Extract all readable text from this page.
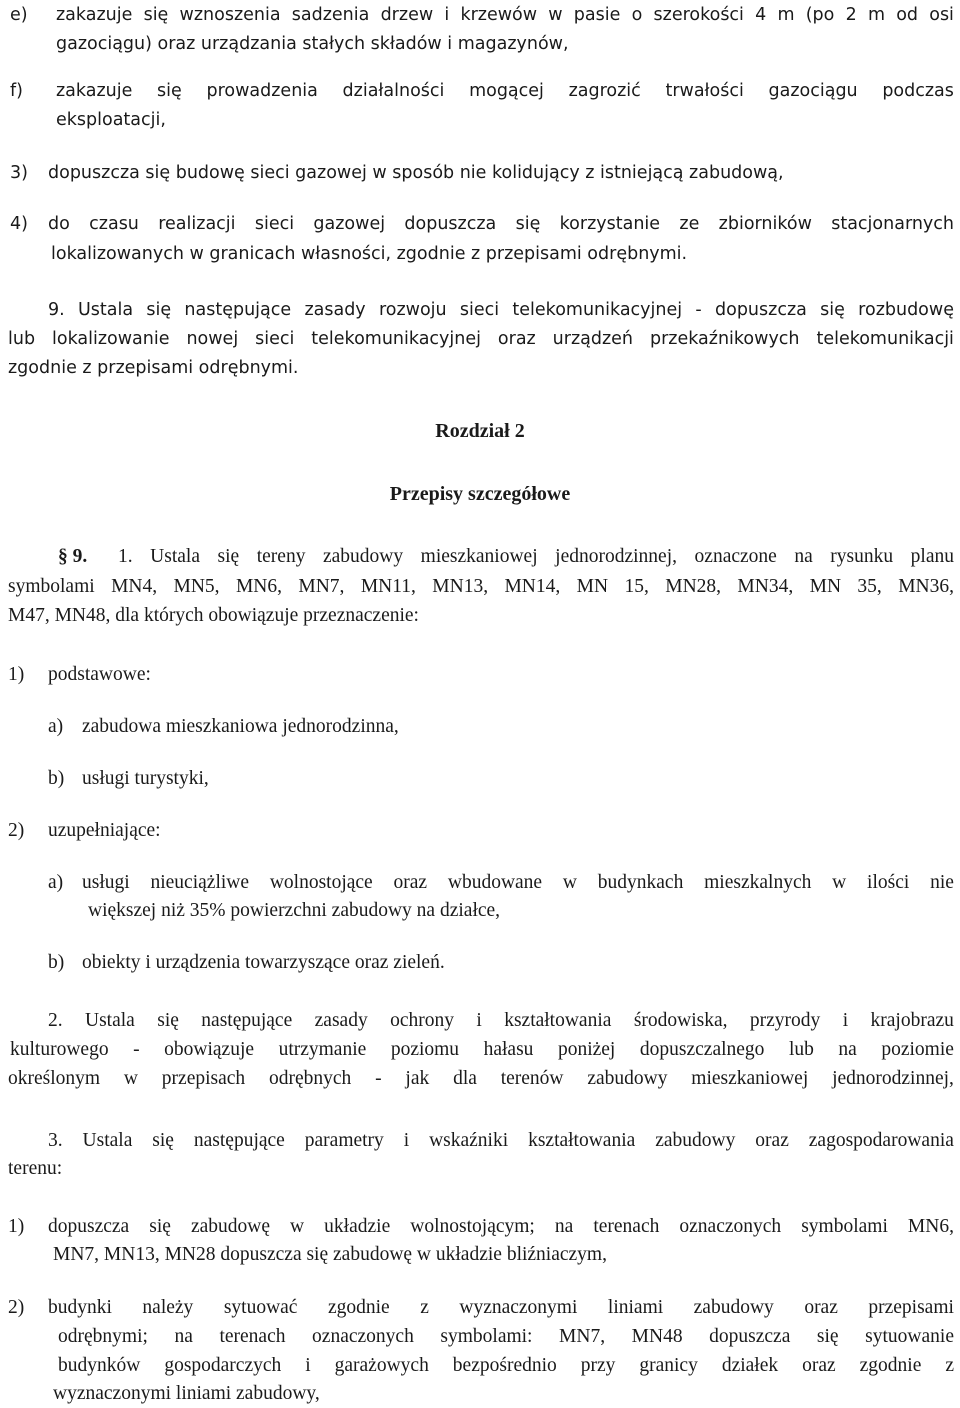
e) zakazuje się wznoszenia sadzenia drzew i krzewów w pasie o szerokości 4 m (po 2 m od osi
gazociągu) oraz urządzania stałych składów i magazynów,
f) zakazuje się prowadzenia działalności mogącej zagrozić trwałości gazociągu podczas
eksploatacji,
3) dopuszcza się budowę sieci gazowej w sposób nie kolidujący z istniejącą zabudową,
4) do czasu realizacji sieci gazowej dopuszcza się korzystanie ze zbiorników stacjonarnych
lokalizowanych w granicach własności, zgodnie z przepisami odrębnymi.
9. Ustala się następujące zasady rozwoju sieci telekomunikacyjnej - dopuszcza się rozbudowę
lub lokalizowanie nowej sieci telekomunikacyjnej oraz urządzeń przekaźnikowych telekomunikacji
zgodnie z przepisami odrębnymi.
Rozdział 2
Przepisy szczegółowe
§ 9. 1. Ustala się tereny zabudowy mieszkaniowej jednorodzinnej, oznaczone na rysunku planu
symbolami MN4, MN5, MN6, MN7, MN11, MN13, MN14, MN 15, MN28, MN34, MN 35, MN36,
M47, MN48, dla których obowiązuje przeznaczenie:
1) podstawowe:
a) zabudowa mieszkaniowa jednorodzinna,
b) usługi turystyki,
2) uzupełniające:
a) usługi nieuciążliwe wolnostojące oraz wbudowane w budynkach mieszkalnych w ilości nie
większej niż 35% powierzchni zabudowy na działce,
b) obiekty i urządzenia towarzyszące oraz zieleń.
2. Ustala się następujące zasady ochrony i kształtowania środowiska, przyrody i krajobrazu
kulturowego - obowiązuje utrzymanie poziomu hałasu poniżej dopuszczalnego lub na poziomie
określonym w przepisach odrębnych - jak dla terenów zabudowy mieszkaniowej jednorodzinnej,
3. Ustala się następujące parametry i wskaźniki kształtowania zabudowy oraz zagospodarowania
terenu:
1) dopuszcza się zabudowę w układzie wolnostojącym; na terenach oznaczonych symbolami MN6,
MN7, MN13, MN28 dopuszcza się zabudowę w układzie bliźniaczym,
2) budynki należy sytuować zgodnie z wyznaczonymi liniami zabudowy oraz przepisami
odrębnymi; na terenach oznaczonych symbolami: MN7, MN48 dopuszcza się sytuowanie
budynków gospodarczych i garażowych bezpośrednio przy granicy działek oraz zgodnie z
wyznaczonymi liniami zabudowy,
